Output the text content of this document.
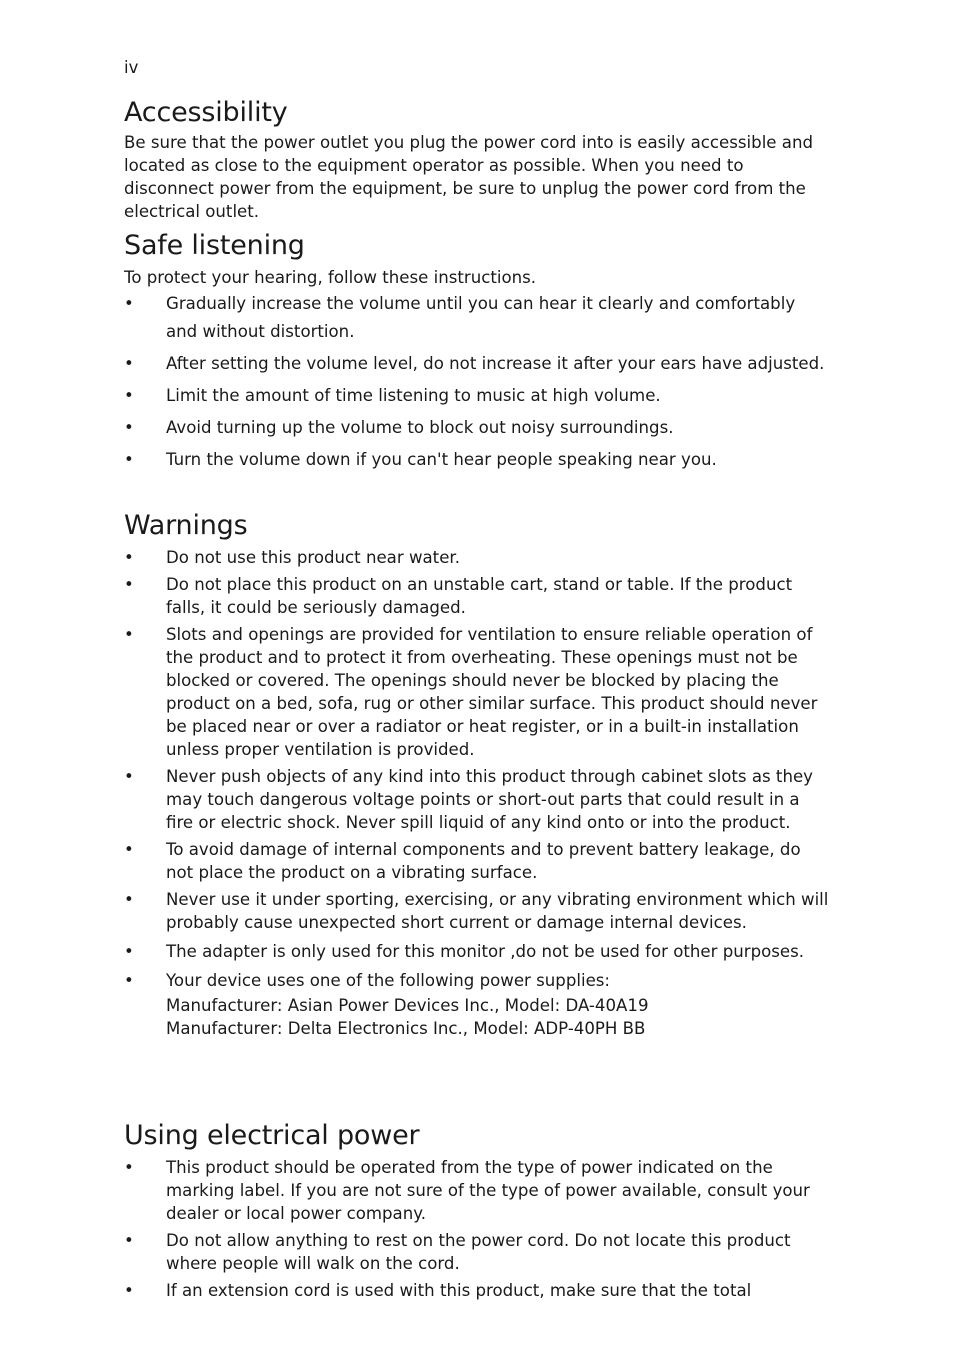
iv
Accessibility

Be sure that the power outlet you plug the power cord into is easily accessible and located as close to the equipment operator as possible. When you need to disconnect power from the equipment, be sure to unplug the power cord from the electrical outlet.

Safe listening

To protect your hearing, follow these instructions.

• Gradually increase the volume until you can hear it clearly and comfortably and without distortion.
• After setting the volume level, do not increase it after your ears have adjusted.
• Limit the amount of time listening to music at high volume.
• Avoid turning up the volume to block out noisy surroundings.
• Turn the volume down if you can't hear people speaking near you.
Warnings
• Do not use this product near water.
• Do not place this product on an unstable cart, stand or table. If the product falls, it could be seriously damaged.
• Slots and openings are provided for ventilation to ensure reliable operation of the product and to protect it from overheating. These openings must not be blocked or covered. The openings should never be blocked by placing the product on a bed, sofa, rug or other similar surface. This product should never be placed near or over a radiator or heat register, or in a built-in installation unless proper ventilation is provided.
• Never push objects of any kind into this product through cabinet slots as they may touch dangerous voltage points or short-out parts that could result in a fire or electric shock. Never spill liquid of any kind onto or into the product.
• To avoid damage of internal components and to prevent battery leakage, do not place the product on a vibrating surface.
• Never use it under sporting, exercising, or any vibrating environment which will probably cause unexpected short current or damage internal devices.
• The adapter is only used for this monitor ,do not be used for other purposes.
• Your device uses one of the following power supplies:
Manufacturer: Asian Power Devices Inc., Model: DA-40A19
Manufacturer: Delta Electronics Inc., Model: ADP-40PH BB
Using electrical power
• This product should be operated from the type of power indicated on the marking label. If you are not sure of the type of power available, consult your dealer or local power company.
• Do not allow anything to rest on the power cord. Do not locate this product where people will walk on the cord.
• If an extension cord is used with this product, make sure that the total
